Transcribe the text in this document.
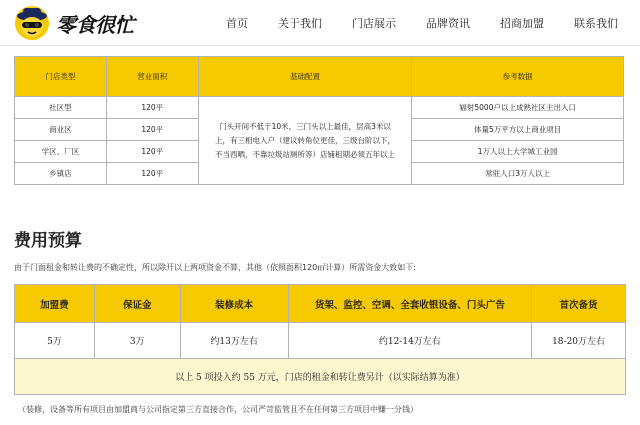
零食很忙	首页	关于我们	门店展示	品牌资讯	招商加盟	联系我们
门店类型	营业面积	基础配置	参考数据
社区型	120平	门头开间不低于10米，三门头以上最佳，层高3米以上，有三相电入户（建议转角位更佳，三级台阶以下，不当西晒，不靠垃圾站厕所等）店铺租期必须五年以上	辐射5000户以上成熟社区主出入口
商业区	120平		体量5万平方以上商业项目
学区、厂区	120平		1万人以上大学城工业园
乡镇店	120平		常驻人口3万人以上
费用预算
由于门面租金和转让费的不确定性，所以除开以上两项资金不算，其他（依照面积120㎡计算）所需资金大致如下:
加盟费	保证金	装修成本	货架、监控、空调、全套收银设备、门头广告	首次备货
5万	3万	约13万左右	约12-14万左右	18-20万左右
以上 5 项投入约 55 万元，门店的租金和转让费另计（以实际结算为准）				
（装修，设备等所有项目由加盟商与公司指定第三方直接合作，公司严苛监管且不在任何第三方项目中赚一分钱）
